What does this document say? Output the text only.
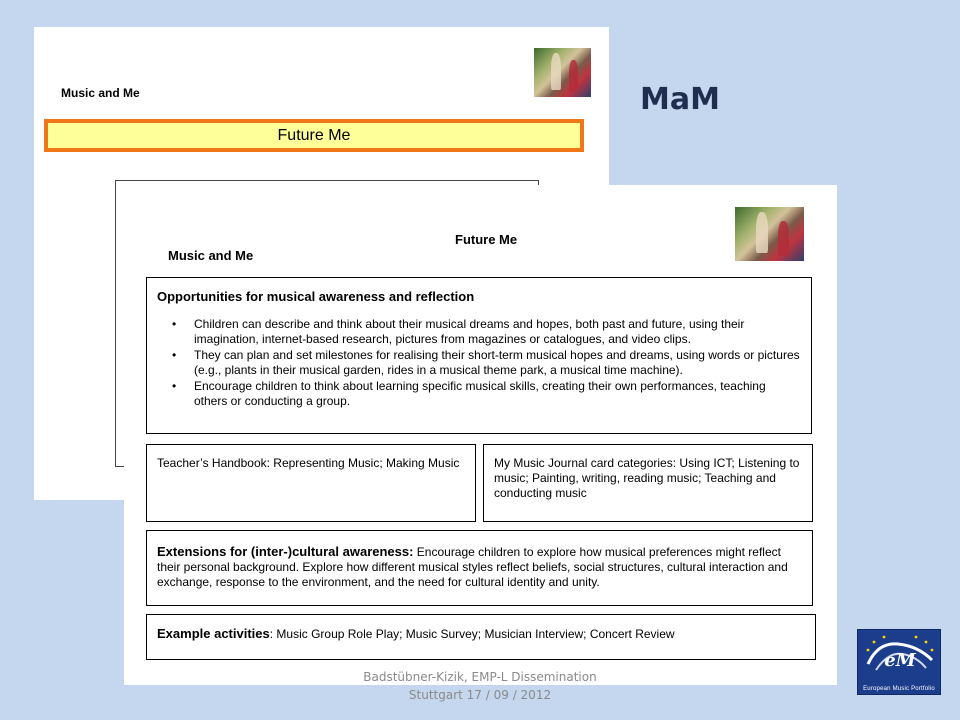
MaM
Music and Me
Future Me
Music and Me
Future Me
Opportunities for musical awareness and reflection
• Children can describe and think about their musical dreams and hopes, both past and future, using their imagination, internet-based research, pictures from magazines or catalogues, and video clips.
• They can plan and set milestones for realising their short-term musical hopes and dreams, using words or pictures (e.g., plants in their musical garden, rides in a musical theme park, a musical time machine).
• Encourage children to think about learning specific musical skills, creating their own performances, teaching others or conducting a group.
Teacher’s Handbook: Representing Music; Making Music	My Music Journal card categories: Using ICT; Listening to music; Painting, writing, reading music; Teaching and conducting music
Extensions for (inter-)cultural awareness: Encourage children to explore how musical preferences might reflect their personal background. Explore how different musical styles reflect beliefs, social structures, cultural interaction and exchange, response to the environment, and the need for cultural identity and unity.
Example activities: Music Group Role Play; Music Survey; Musician Interview; Concert Review
Badstübner-Kizik, EMP-L Dissemination
Stuttgart 17 / 09 / 2012
eM
European Music Portfolio
